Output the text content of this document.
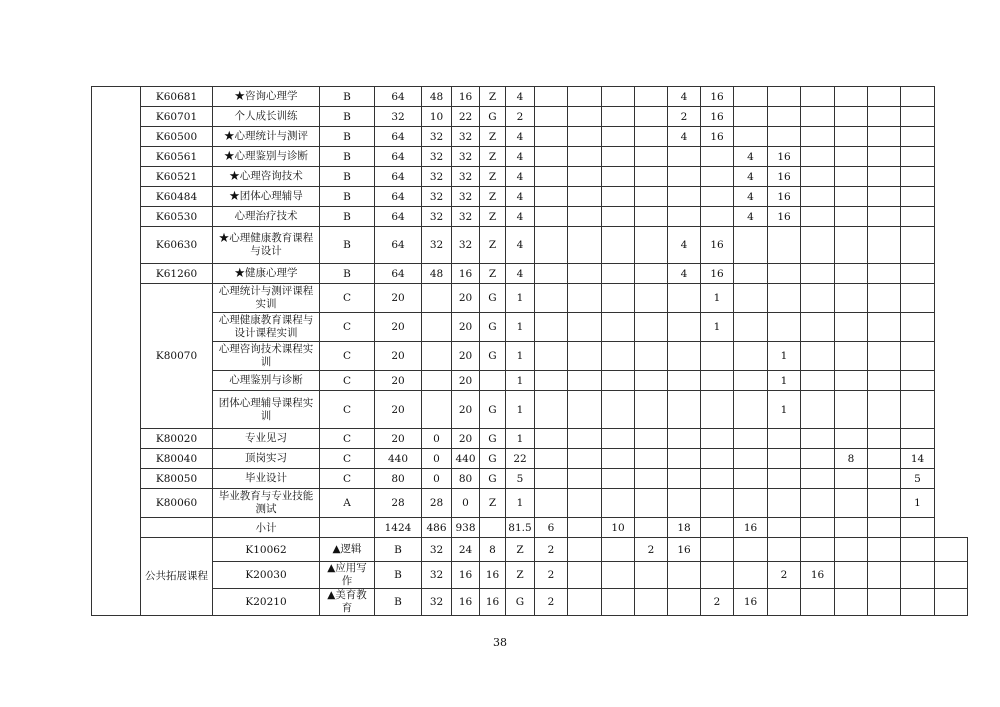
	K60681	★咨询心理学	B	64	48	16	Z	4					4	16							
	K60701	个人成长训练	B	32	10	22	G	2					2	16							
	K60500	★心理统计与测评	B	64	32	32	Z	4					4	16							
	K60561	★心理鉴别与诊断	B	64	32	32	Z	4							4	16					
	K60521	★心理咨询技术	B	64	32	32	Z	4							4	16					
	K60484	★团体心理辅导	B	64	32	32	Z	4							4	16					
	K60530	心理治疗技术	B	64	32	32	Z	4							4	16					
	K60630	★心理健康教育课程与设计	B	64	32	32	Z	4					4	16							
	K61260	★健康心理学	B	64	48	16	Z	4					4	16							
	K80070	心理统计与测评课程实训	C	20		20	G	1						1							
		心理健康教育课程与设计课程实训	C	20		20	G	1						1							
		心理咨询技术课程实训	C	20		20	G	1								1					
		心理鉴别与诊断	C	20		20		1								1					
		团体心理辅导课程实训	C	20		20	G	1								1					
	K80020	专业见习	C	20	0	20	G	1													
	K80040	顶岗实习	C	440	0	440	G	22										8		14	
	K80050	毕业设计	C	80	0	80	G	5												5	
	K80060	毕业教育与专业技能测试	A	28	28	0	Z	1												1	
		小计		1424	486	938		81.5	6		10		18		16						
	公共拓展课程	K10062	▲逻辑	B	32	24	8	Z	2			2	16								
		K20030	▲应用写作	B	32	16	16	Z	2							2	16				
		K20210	▲美育教育	B	32	16	16	G	2					2	16						
38
